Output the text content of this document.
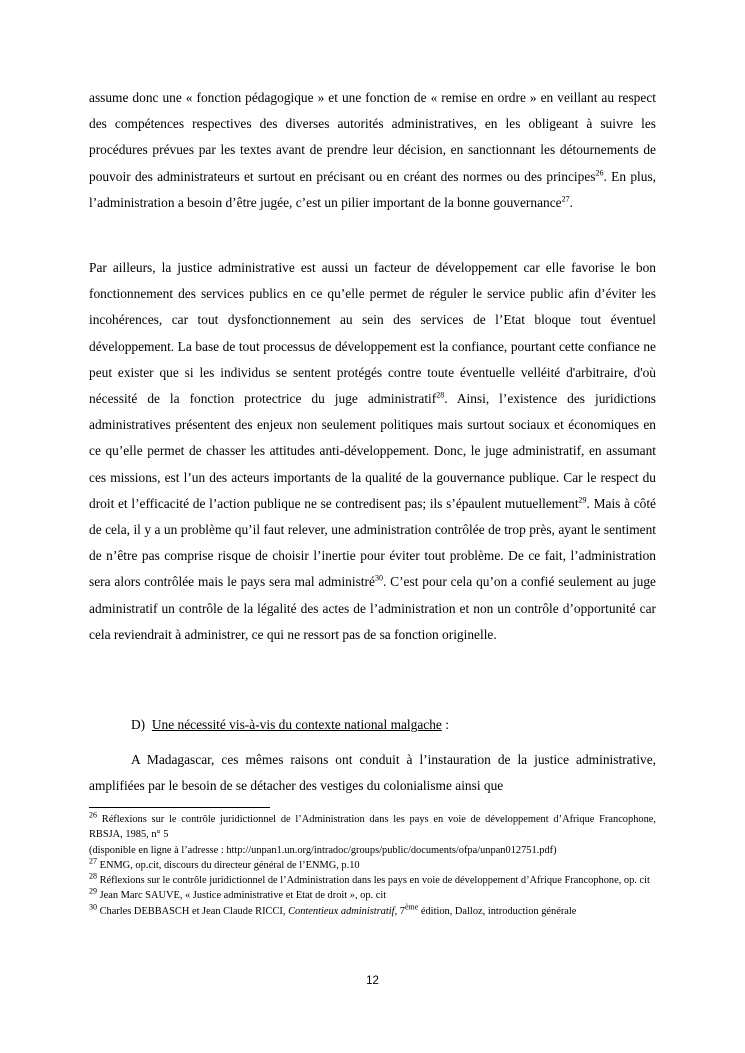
assume donc une « fonction pédagogique » et une fonction de « remise en ordre » en veillant au respect des compétences respectives des diverses autorités administratives, en les obligeant à suivre les procédures prévues par les textes avant de prendre leur décision, en sanctionnant les détournements de pouvoir des administrateurs et surtout en précisant ou en créant des normes ou des principes$^{26}$. En plus, l’administration a besoin d’être jugée, c’est un pilier important de la bonne gouvernance$^{27}$.

Par ailleurs, la justice administrative est aussi un facteur de développement car elle favorise le bon fonctionnement des services publics en ce qu’elle permet de réguler le service public afin d’éviter les incohérences, car tout dysfonctionnement au sein des services de l’Etat bloque tout éventuel développement. La base de tout processus de développement est la confiance, pourtant cette confiance ne peut exister que si les individus se sentent protégés contre toute éventuelle velléité d'arbitraire, d'où nécessité de la fonction protectrice du juge administratif$^{28}$. Ainsi, l’existence des juridictions administratives présentent des enjeux non seulement politiques mais surtout sociaux et économiques en ce qu’elle permet de chasser les attitudes anti-développement. Donc, le juge administratif, en assumant ces missions, est l’un des acteurs importants de la qualité de la gouvernance publique. Car le respect du droit et l’efficacité de l’action publique ne se contredisent pas; ils s’épaulent mutuellement$^{29}$. Mais à côté de cela, il y a un problème qu’il faut relever, une administration contrôlée de trop près, ayant le sentiment de n’être pas comprise risque de choisir l’inertie pour éviter tout problème. De ce fait, l’administration sera alors contrôlée mais le pays sera mal administré$^{30}$. C’est pour cela qu’on a confié seulement au juge administratif un contrôle de la légalité des actes de l’administration et non un contrôle d’opportunité car cela reviendrait à administrer, ce qui ne ressort pas de sa fonction originelle.

D) Une nécessité vis-à-vis du contexte national malgache :

A Madagascar, ces mêmes raisons ont conduit à l’instauration de la justice administrative, amplifiées par le besoin de se détacher des vestiges du colonialisme ainsi que

$^{26}$ Réflexions sur le contrôle juridictionnel de l’Administration dans les pays en voie de développement d’Afrique Francophone, RBSJA, 1985, n° 5

(disponible en ligne à l’adresse : http://unpan1.un.org/intradoc/groups/public/documents/ofpa/unpan012751.pdf)

$^{27}$ ENMG, op.cit, discours du directeur général de l’ENMG, p.10

$^{28}$ Réflexions sur le contrôle juridictionnel de l’Administration dans les pays en voie de développement d’Afrique Francophone, op. cit

$^{29}$ Jean Marc SAUVE, « Justice administrative et Etat de droit », op. cit

$^{30}$ Charles DEBBASCH et Jean Claude RICCI, Contentieux administratif, 7ème édition, Dalloz, introduction générale

12
